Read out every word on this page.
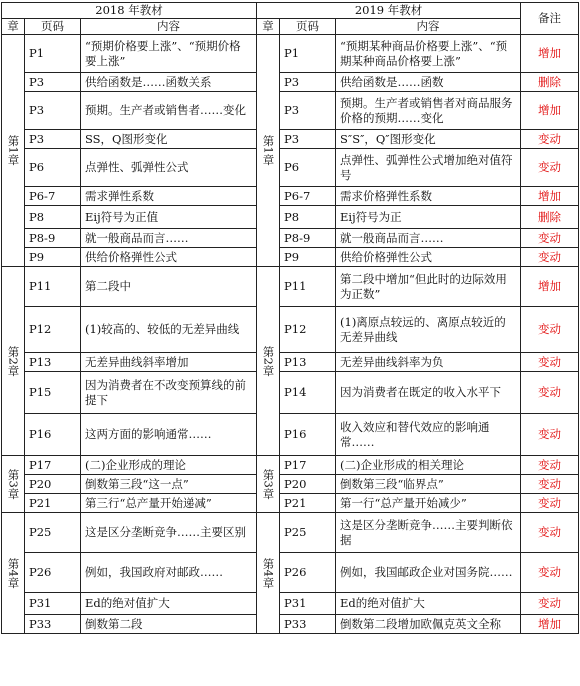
2018 年教材			2019 年教材			备注
章	页码	内容	章	页码	内容	
第1章	P1	“预期价格要上涨”、“预期价格要上涨”	第1章	P1	“预期某种商品价格要上涨”、“预期某种商品价格要上涨”	增加
	P3	供给函数是……函数关系		P3	供给函数是……函数	删除
	P3	预期。生产者或销售者……变化		P3	预期。生产者或销售者对商品服务价格的预期……变化	增加
	P3	SS，Q图形变化		P3	S″S″，Q″图形变化	变动
	P6	点弹性、弧弹性公式		P6	点弹性、弧弹性公式增加绝对值符号	变动
	P6-7	需求弹性系数		P6-7	需求价格弹性系数	增加
	P8	Eij符号为正值		P8	Eij符号为正	删除
	P8-9	就一般商品而言……		P8-9	就一般商品而言……	变动
	P9	供给价格弹性公式		P9	供给价格弹性公式	变动
第2章	P11	第二段中	第2章	P11	第二段中增加“但此时的边际效用为正数”	增加
	P12	(1)较高的、较低的无差异曲线		P12	(1)离原点较远的、离原点较近的无差异曲线	变动
	P13	无差异曲线斜率增加		P13	无差异曲线斜率为负	变动
	P15	因为消费者在不改变预算线的前提下		P14	因为消费者在既定的收入水平下	变动
	P16	这两方面的影响通常……		P16	收入效应和替代效应的影响通常……	变动
第3章	P17	(二)企业形成的理论	第3章	P17	(二)企业形成的相关理论	变动
	P20	倒数第三段“这一点”		P20	倒数第三段“临界点”	变动
	P21	第三行“总产量开始递减”		P21	第一行“总产量开始减少”	变动
第4章	P25	这是区分垄断竞争……主要区别	第4章	P25	这是区分垄断竞争……主要判断依据	变动
	P26	例如，我国政府对邮政……		P26	例如，我国邮政企业对国务院……	变动
	P31	Ed的绝对值扩大		P31	Ed的绝对值扩大	变动
	P33	倒数第二段		P33	倒数第二段增加欧佩克英文全称	增加
